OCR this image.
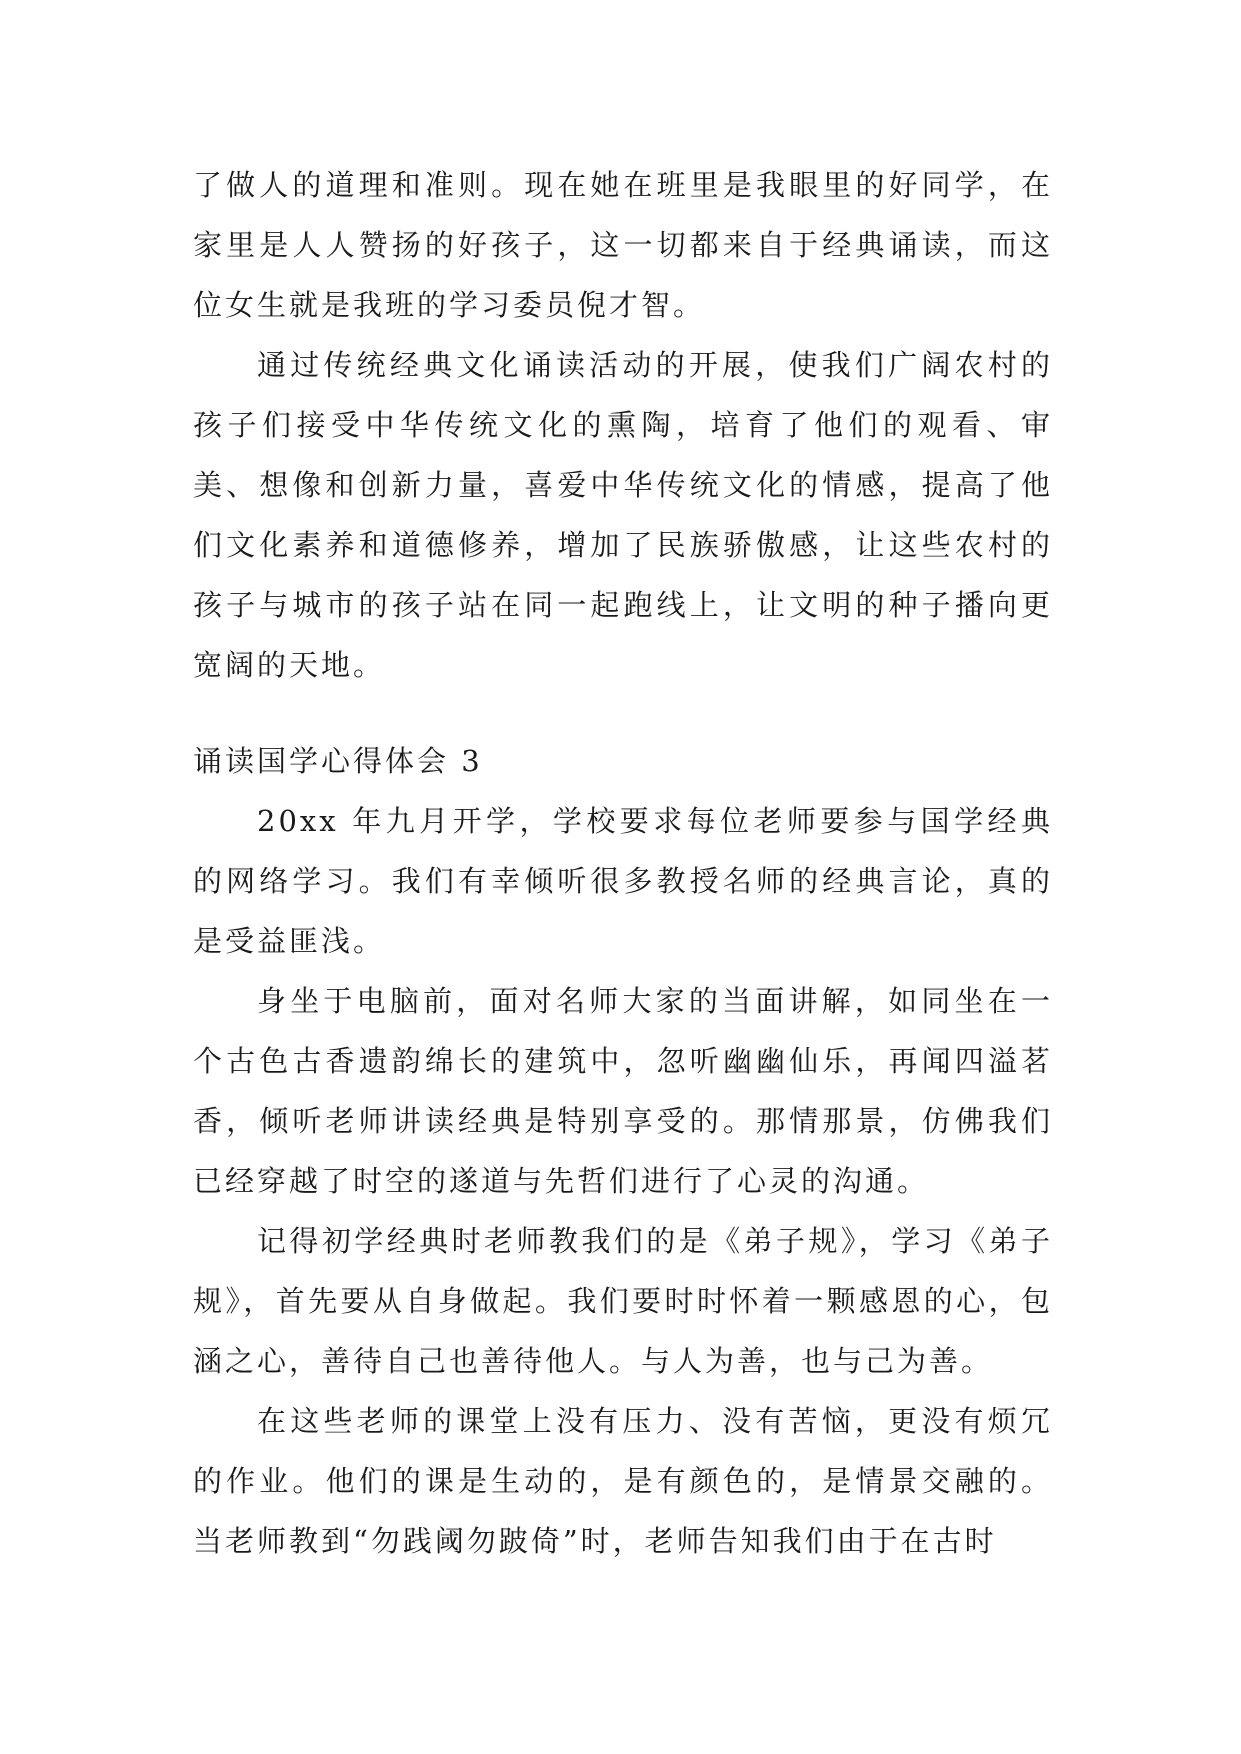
了做人的道理和准则。现在她在班里是我眼里的好同学，在家里是人人赞扬的好孩子，这一切都来自于经典诵读，而这位女生就是我班的学习委员倪才智。

通过传统经典文化诵读活动的开展，使我们广阔农村的孩子们接受中华传统文化的熏陶，培育了他们的观看、审美、想像和创新力量，喜爱中华传统文化的情感，提高了他们文化素养和道德修养，增加了民族骄傲感，让这些农村的孩子与城市的孩子站在同一起跑线上，让文明的种子播向更宽阔的天地。

诵读国学心得体会 3

20xx 年九月开学，学校要求每位老师要参与国学经典的网络学习。我们有幸倾听很多教授名师的经典言论，真的是受益匪浅。

身坐于电脑前，面对名师大家的当面讲解，如同坐在一个古色古香遗韵绵长的建筑中，忽听幽幽仙乐，再闻四溢茗香，倾听老师讲读经典是特别享受的。那情那景，仿佛我们已经穿越了时空的遂道与先哲们进行了心灵的沟通。

记得初学经典时老师教我们的是《弟子规》，学习《弟子规》，首先要从自身做起。我们要时时怀着一颗感恩的心，包涵之心，善待自己也善待他人。与人为善，也与己为善。

在这些老师的课堂上没有压力、没有苦恼，更没有烦冗的作业。他们的课是生动的，是有颜色的，是情景交融的。当老师教到“勿践阈勿跛倚”时，老师告知我们由于在古时
